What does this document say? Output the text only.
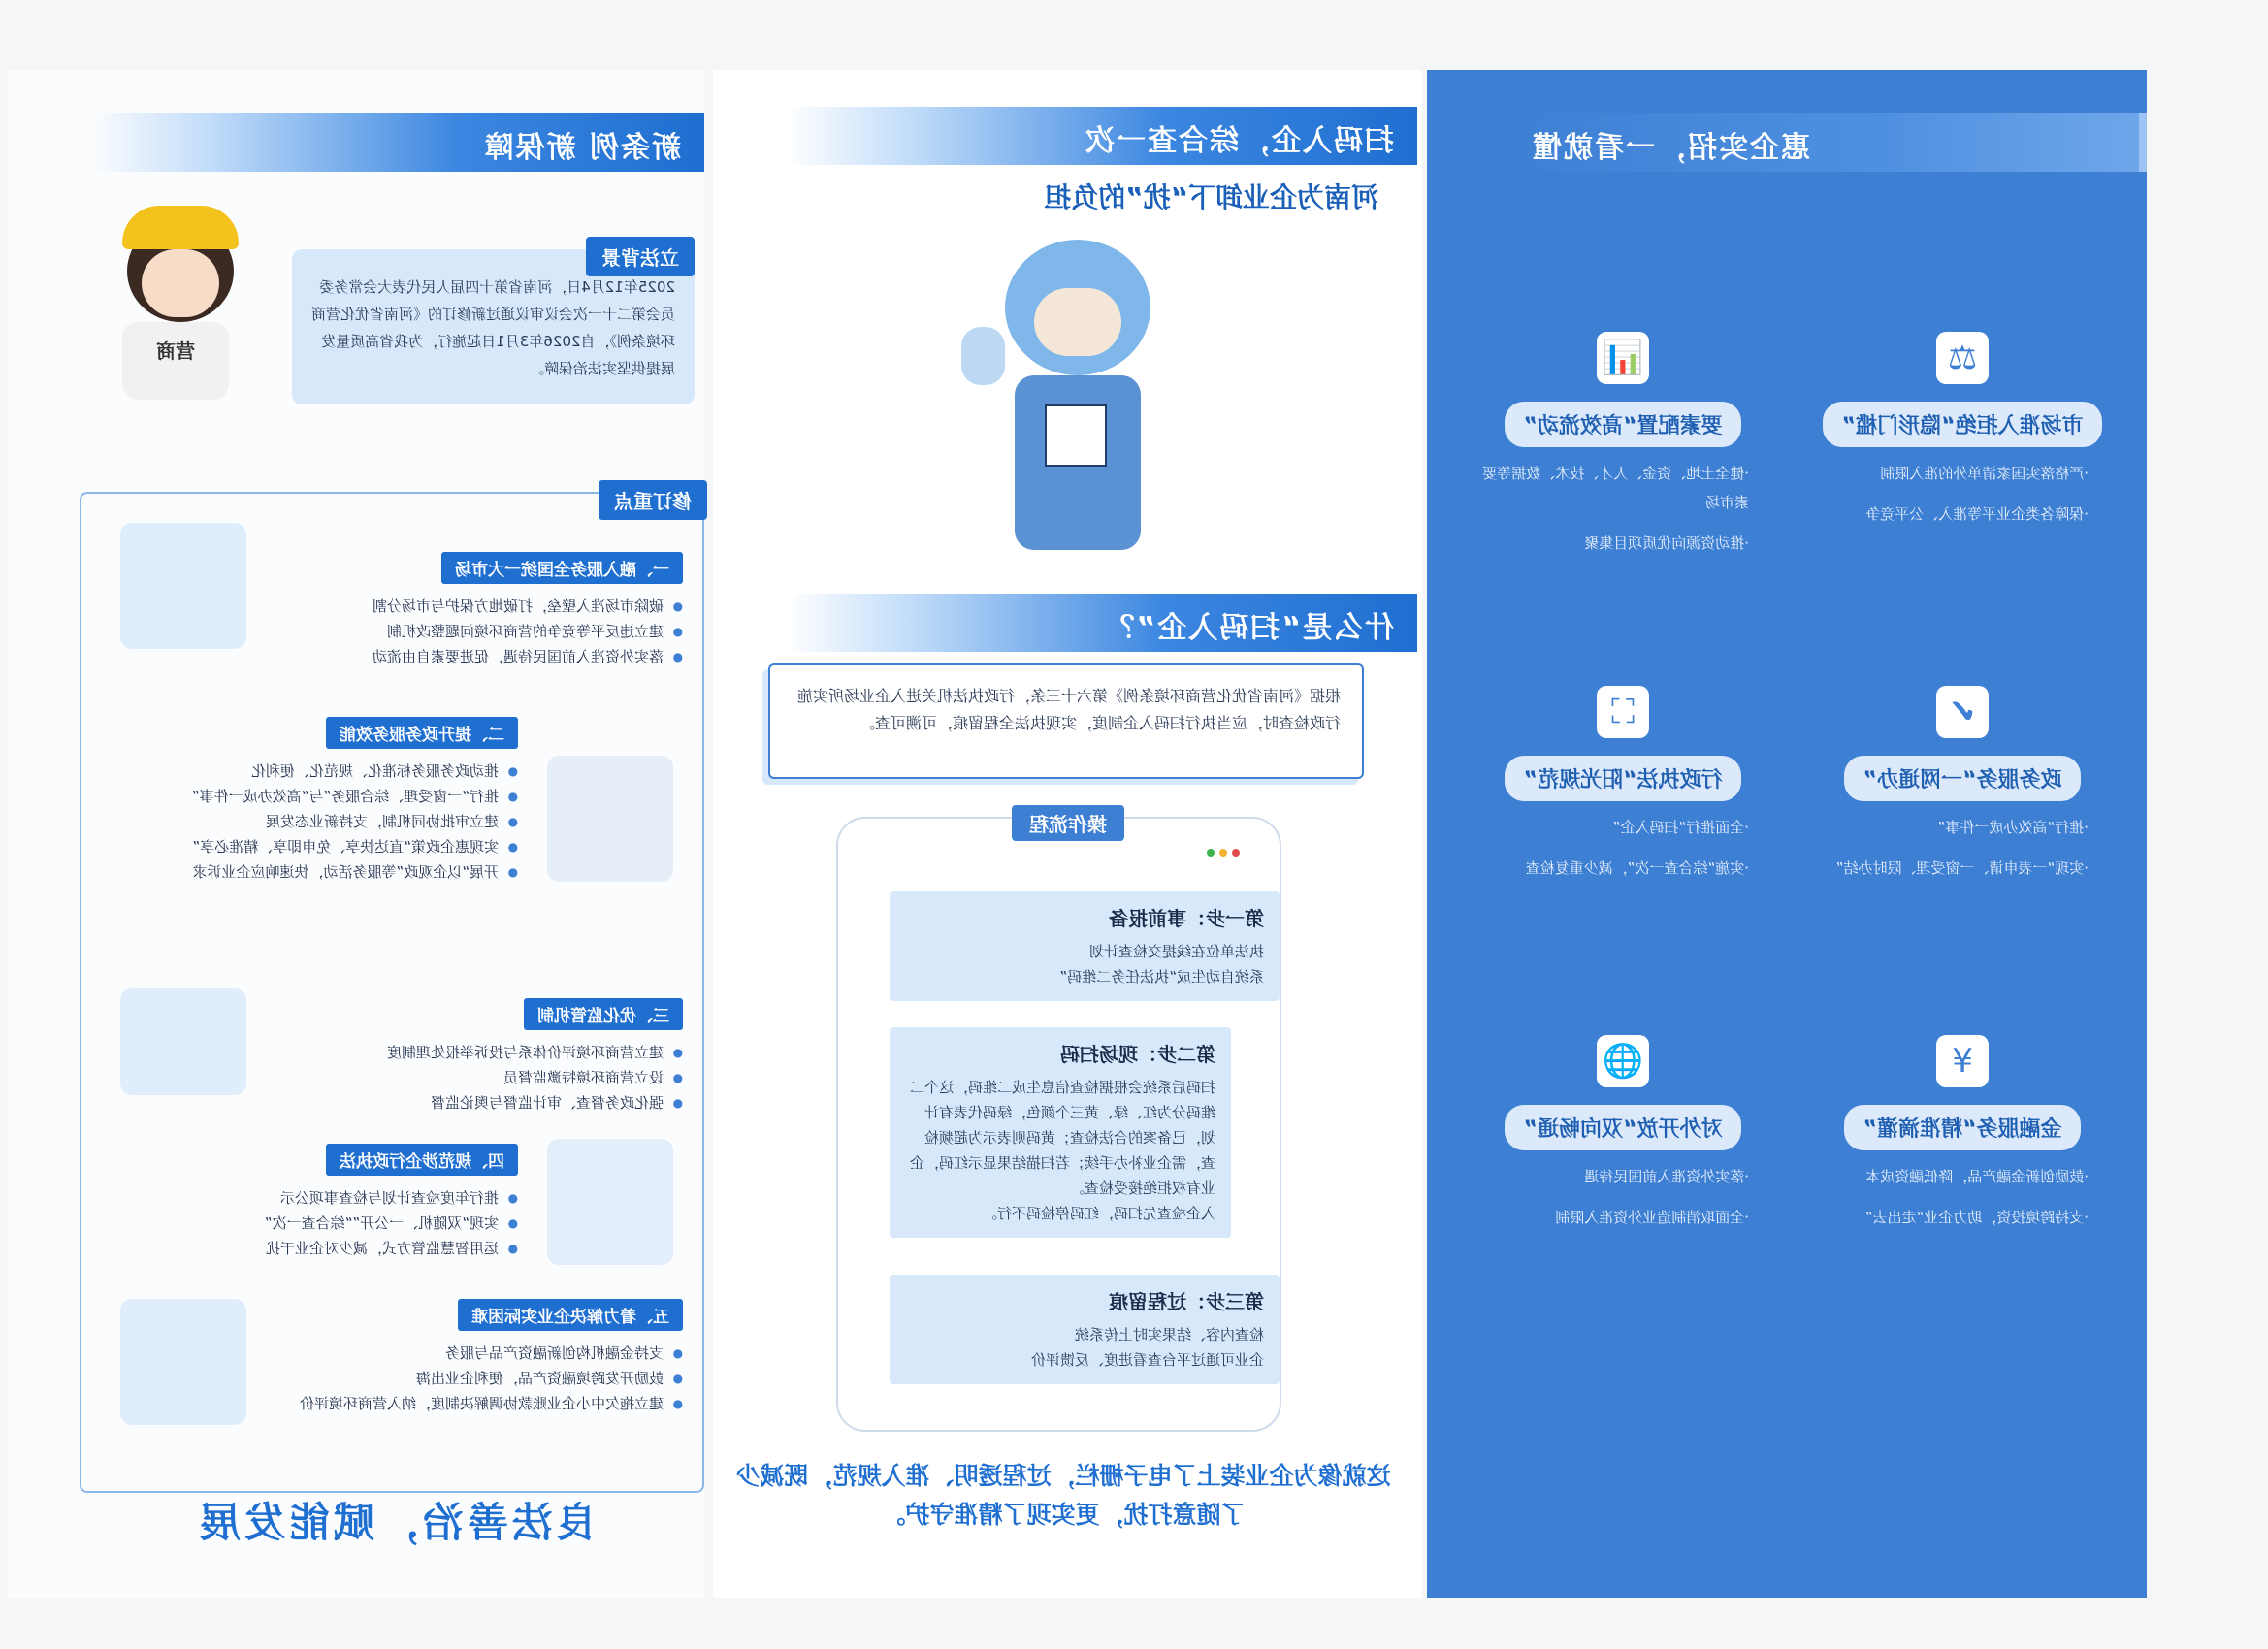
惠企实招，一看就懂
⚖
市场准入拒绝“隐形门槛”
·严格落实国家清单外的准入限制
·保障各类企业平等准入、公平竞争
📊
要素配置“高效流动”
·健全土地、资金、人才、技术、数据等要素市场
·推动资源向优质项目集聚
✔
政务服务“一网通办”
·推行“高效办成一件事”
·实现“一表申请、一窗受理、限时办结”
⛶
行政执法“阳光规范”
·全面推行“扫码入企”
·实施“综合查一次”，减少重复检查
¥
金融服务“精准滴灌”
·鼓励创新金融产品，降低融资成本
·支持跨境投资，助力企业“走出去”
🌐
对外开放“双向畅通”
·落实外资准入前国民待遇
·全面取消制造业外资准入限制
扫码入企，综合查一次
河南为企业卸下“扰”的负担
什么是“扫码入企”？
根据《河南省优化营商环境条例》第六十三条，行政执法机关进入企业场所实施行政检查时，应当执行扫码入企制度，实现执法全程留痕，可溯可查。
操作流程

第一步：事前报备
执法单位在线提交检查计划
系统自动生成“执法任务二维码”
第二步：现场扫码
扫码后系统会根据检查信息生成二维码，这个二维码分为红、绿、黄三个颜色，绿码代表有计划，已备案的合法检查；黄码则表示为超频检查，需企业补办手续；若扫描结果显示红码，企业有权拒绝接受检查。
入企检查先扫码，红码停检码不行。
第三步：过程留痕
检查内容、结果实时上传系统
企业可通过平台查看进度、反馈评价
这就像为企业装上了电子栅栏，过程透明、准入规范，既减少了随意打扰，更实现了精准守护。
新条例 新保障
2025年12月4日，河南省第十四届人民代表大会常务委员会第二十一次会议审议通过新修订的《河南省优化营商环境条例》，自2026年3月1日起施行，为我省高质量发展提供坚实法治保障。
立法背景
营商
修订重点
一、融入服务全国统一大市场
● 破除市场准入壁垒，打破地方保护与市场分割
● 建立违反平等竞争的营商环境问题整改机制
● 落实外资准入前国民待遇，促进要素自由流动
二、提升政务服务效能
● 推动政务服务标准化、规范化、便利化
● 推行“一窗受理、综合服务”与“高效办成一件事”
● 建立审批协同机制，支持新业态发展
● 实现惠企政策“直达快享、免申即享、精准必享”
● 开展“以企观政”等服务活动，快速响应企业诉求
三、优化监管机制
● 建立营商环境评价体系与投诉举报处理制度
● 设立营商环境特邀监督员
● 强化政务督查、审计监督与舆论监督
四、规范涉企行政执法
● 推行年度检查计划与检查事项公示
● 实现“双随机、一公开”“综合查一次”
● 运用智慧监管方式，减少对企业干扰
五、着力解决企业实际困难
● 支持金融机构创新融资产品与服务
● 鼓励开发跨境融资产品，便利企业出海
● 建立拖欠中小企业账款协调解决制度，纳入营商环境评价
良法善治，赋能发展
